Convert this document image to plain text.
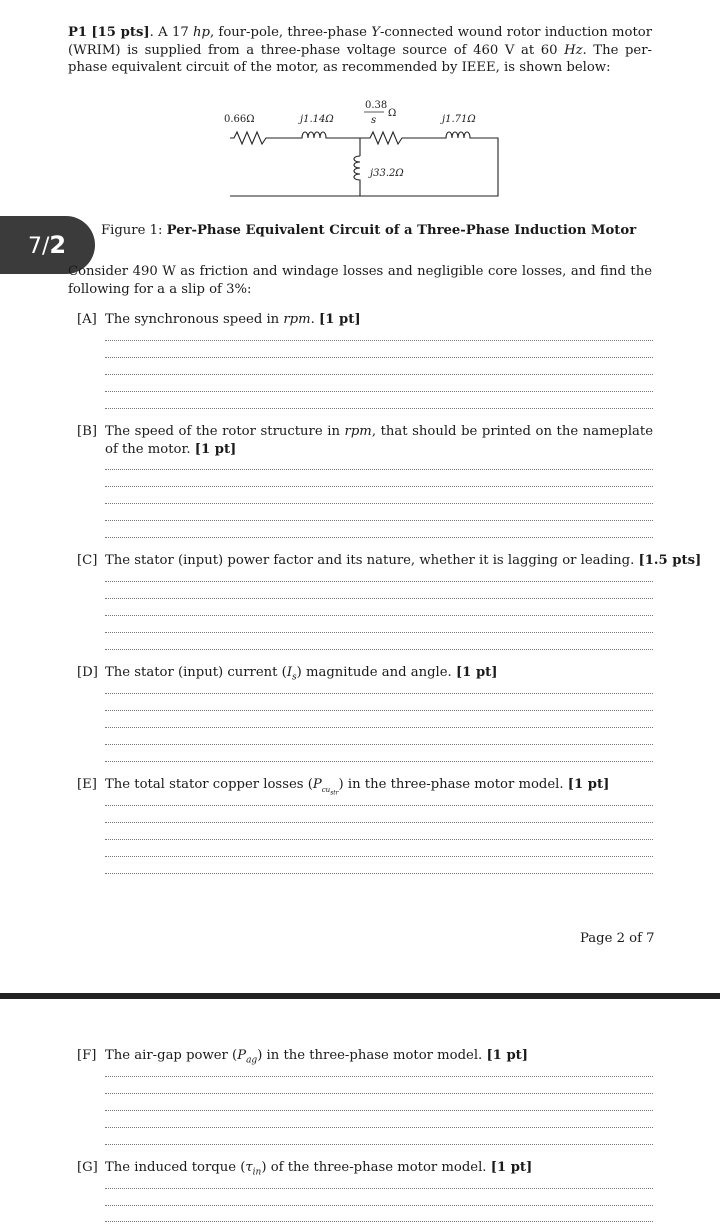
P1 [15 pts]. A 17 hp, four-pole, three-phase Y-connected wound rotor induction motor (WRIM) is supplied from a three-phase voltage source of 460 V at 60 Hz. The per-phase equivalent circuit of the motor, as recommended by IEEE, is shown below:
0.66Ω	j1.14Ω
0.38
s
Ω
j1.71Ω
j33.2Ω
7/2
Figure 1: Per-Phase Equivalent Circuit of a Three-Phase Induction Motor
Consider 490 W as friction and windage losses and negligible core losses, and find the following for a a slip of 3%:
[A] The synchronous speed in rpm. [1 pt]
[B] The speed of the rotor structure in rpm, that should be printed on the nameplate of the motor. [1 pt]
[C] The stator (input) power factor and its nature, whether it is lagging or leading. [1.5 pts]
[D] The stator (input) current $(I_s)$ magnitude and angle. [1 pt]
[E] The total stator copper losses $(P_{cu_{str}})$ in the three-phase motor model. [1 pt]
Page 2 of 7
[F] The air-gap power $(P_{ag})$ in the three-phase motor model. [1 pt]
[G] The induced torque $(\tau_{in})$ of the three-phase motor model. [1 pt]
